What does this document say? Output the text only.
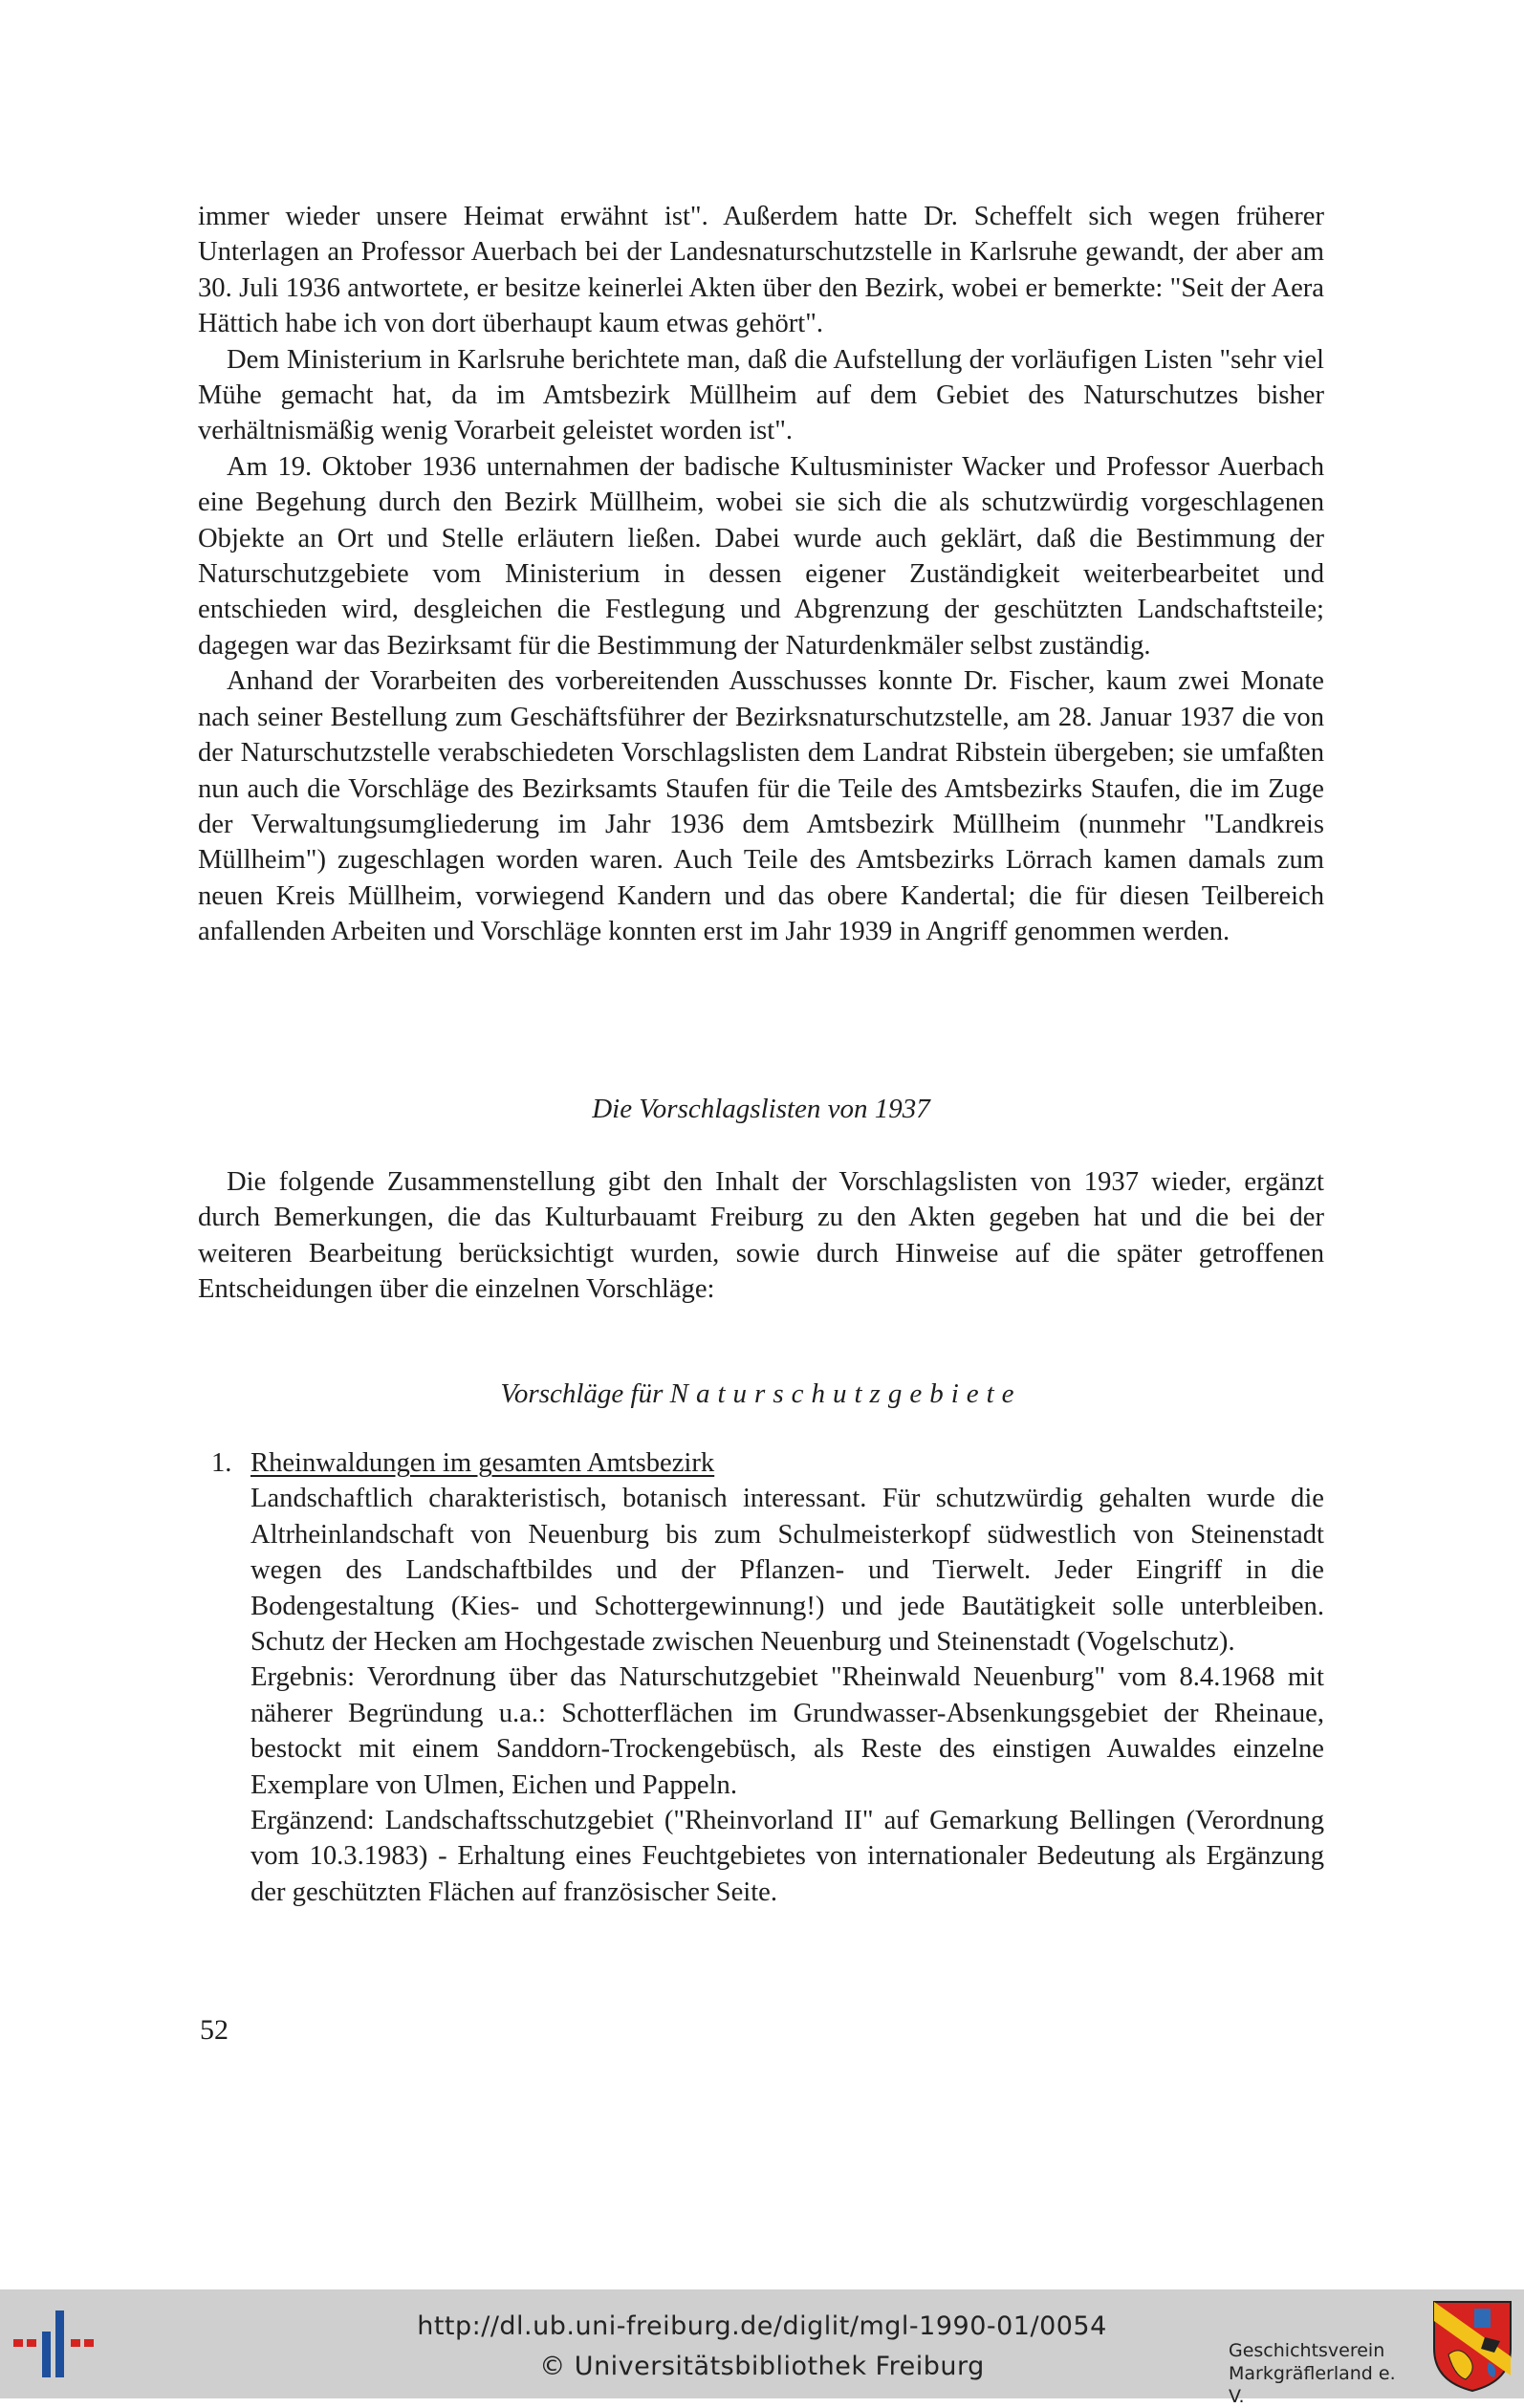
immer wieder unsere Heimat erwähnt ist". Außerdem hatte Dr. Scheffelt sich wegen früherer Unterlagen an Professor Auerbach bei der Landesnaturschutzstelle in Karlsruhe gewandt, der aber am 30. Juli 1936 antwortete, er besitze keinerlei Akten über den Bezirk, wobei er bemerkte: "Seit der Aera Hättich habe ich von dort überhaupt kaum etwas gehört".

Dem Ministerium in Karlsruhe berichtete man, daß die Aufstellung der vorläufigen Listen "sehr viel Mühe gemacht hat, da im Amtsbezirk Müllheim auf dem Gebiet des Naturschutzes bisher verhältnismäßig wenig Vorarbeit geleistet worden ist".

Am 19. Oktober 1936 unternahmen der badische Kultusminister Wacker und Professor Auerbach eine Begehung durch den Bezirk Müllheim, wobei sie sich die als schutzwürdig vorgeschlagenen Objekte an Ort und Stelle erläutern ließen. Dabei wurde auch geklärt, daß die Bestimmung der Naturschutzgebiete vom Ministerium in dessen eigener Zuständigkeit weiterbearbeitet und entschieden wird, desgleichen die Festlegung und Abgrenzung der geschützten Landschaftsteile; dagegen war das Bezirksamt für die Bestimmung der Naturdenkmäler selbst zuständig.

Anhand der Vorarbeiten des vorbereitenden Ausschusses konnte Dr. Fischer, kaum zwei Monate nach seiner Bestellung zum Geschäftsführer der Bezirksnaturschutzstelle, am 28. Januar 1937 die von der Naturschutzstelle verabschiedeten Vorschlagslisten dem Landrat Ribstein übergeben; sie umfaßten nun auch die Vorschläge des Bezirksamts Staufen für die Teile des Amtsbezirks Staufen, die im Zuge der Verwaltungsumgliederung im Jahr 1936 dem Amtsbezirk Müllheim (nunmehr "Landkreis Müllheim") zugeschlagen worden waren. Auch Teile des Amtsbezirks Lörrach kamen damals zum neuen Kreis Müllheim, vorwiegend Kandern und das obere Kandertal; die für diesen Teilbereich anfallenden Arbeiten und Vorschläge konnten erst im Jahr 1939 in Angriff genommen werden.

Die Vorschlagslisten von 1937

Die folgende Zusammenstellung gibt den Inhalt der Vorschlagslisten von 1937 wieder, ergänzt durch Bemerkungen, die das Kulturbauamt Freiburg zu den Akten gegeben hat und die bei der weiteren Bearbeitung berücksichtigt wurden, sowie durch Hinweise auf die später getroffenen Entscheidungen über die einzelnen Vorschläge:

Vorschläge für Naturschutzgebiete
1. Rheinwaldungen im gesamten Amtsbezirk

Landschaftlich charakteristisch, botanisch interessant. Für schutzwürdig gehalten wurde die Altrheinlandschaft von Neuenburg bis zum Schulmeisterkopf südwestlich von Steinenstadt wegen des Landschaftbildes und der Pflanzen- und Tierwelt. Jeder Eingriff in die Bodengestaltung (Kies- und Schottergewinnung!) und jede Bautätigkeit solle unterbleiben. Schutz der Hecken am Hochgestade zwischen Neuenburg und Steinenstadt (Vogelschutz).

Ergebnis: Verordnung über das Naturschutzgebiet "Rheinwald Neuenburg" vom 8.4.1968 mit näherer Begründung u.a.: Schotterflächen im Grundwasser-Absenkungsgebiet der Rheinaue, bestockt mit einem Sanddorn-Trockengebüsch, als Reste des einstigen Auwaldes einzelne Exemplare von Ulmen, Eichen und Pappeln.

Ergänzend: Landschaftsschutzgebiet ("Rheinvorland II" auf Gemarkung Bellingen (Verordnung vom 10.3.1983) - Erhaltung eines Feuchtgebietes von internationaler Bedeutung als Ergänzung der geschützten Flächen auf französischer Seite.

52
http://dl.ub.uni-freiburg.de/diglit/mgl-1990-01/0054
© Universitätsbibliothek Freiburg
Geschichtsverein
Markgräflerland e. V.
